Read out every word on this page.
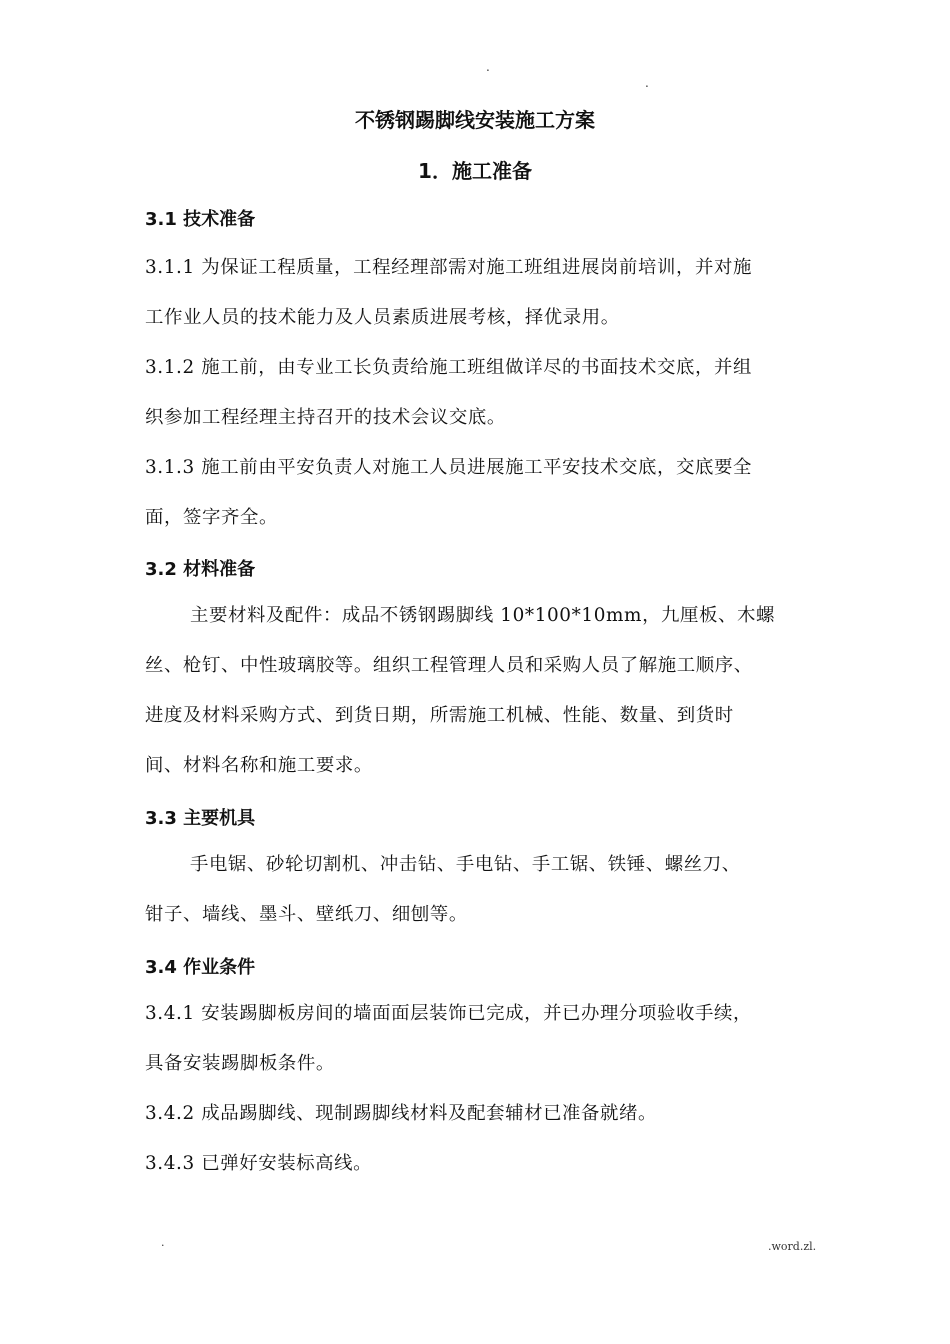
.
.
不锈钢踢脚线安装施工方案
1．施工准备
3.1 技术准备
3.1.1 为保证工程质量，工程经理部需对施工班组进展岗前培训，并对施
工作业人员的技术能力及人员素质进展考核，择优录用。
3.1.2 施工前，由专业工长负责给施工班组做详尽的书面技术交底，并组
织参加工程经理主持召开的技术会议交底。
3.1.3 施工前由平安负责人对施工人员进展施工平安技术交底，交底要全
面，签字齐全。
3.2 材料准备
主要材料及配件：成品不锈钢踢脚线 10*100*10mm，九厘板、木螺
丝、枪钉、中性玻璃胶等。组织工程管理人员和采购人员了解施工顺序、
进度及材料采购方式、到货日期，所需施工机械、性能、数量、到货时
间、材料名称和施工要求。
3.3 主要机具
手电锯、砂轮切割机、冲击钻、手电钻、手工锯、铁锤、螺丝刀、
钳子、墙线、墨斗、壁纸刀、细刨等。
3.4 作业条件
3.4.1 安装踢脚板房间的墙面面层装饰已完成，并已办理分项验收手续，
具备安装踢脚板条件。
3.4.2 成品踢脚线、现制踢脚线材料及配套辅材已准备就绪。
3.4.3 已弹好安装标高线。
.	.word.zl.
